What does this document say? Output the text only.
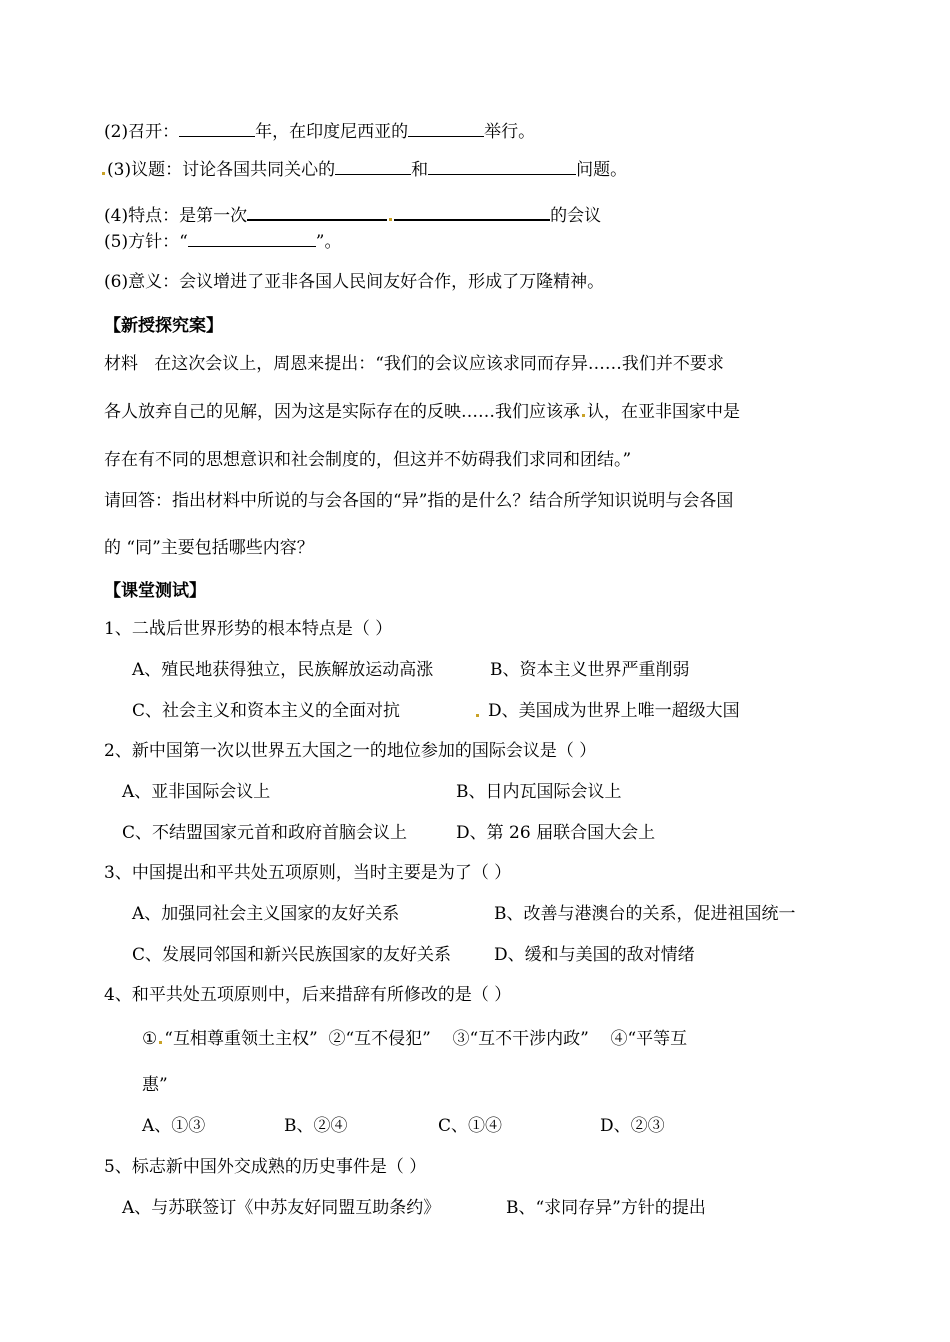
(2)召开：	年，在印度尼西亚的	举行。
(3)议题：讨论各国共同关心的	和	问题。
(4)特点：是第一次	的会议
(5)方针：“	”。
(6)意义：会议增进了亚非各国人民间友好合作，形成了万隆精神。
【新授探究案】
材料 在这次会议上，周恩来提出：“我们的会议应该求同而存异……我们并不要求
各人放弃自己的见解，因为这是实际存在的反映……我们应该承 认，在亚非国家中是
存在有不同的思想意识和社会制度的，但这并不妨碍我们求同和团结。”
请回答：指出材料中所说的与会各国的“异”指的是什么？结合所学知识说明与会各国
的 “同”主要包括哪些内容？
【课堂测试】
1、二战后世界形势的根本特点是（ ）
A、殖民地获得独立，民族解放运动高涨	B、资本主义世界严重削弱
C、社会主义和资本主义的全面对抗	D、美国成为世界上唯一超级大国
2、新中国第一次以世界五大国之一的地位参加的国际会议是（ ）
A、亚非国际会议上	B、日内瓦国际会议上
C、不结盟国家元首和政府首脑会议上	D、第 26 届联合国大会上
3、中国提出和平共处五项原则，当时主要是为了（ ）
A、加强同社会主义国家的友好关系	B、改善与港澳台的关系，促进祖国统一
C、发展同邻国和新兴民族国家的友好关系	D、缓和与美国的敌对情绪
4、和平共处五项原则中，后来措辞有所修改的是（ ）
① “互相尊重领土主权” ②“互不侵犯” ③“互不干涉内政” ④“平等互
惠”
A、①③	B、②④	C、①④	D、②③
5、标志新中国外交成熟的历史事件是（ ）
A、与苏联签订《中苏友好同盟互助条约》	B、“求同存异”方针的提出
